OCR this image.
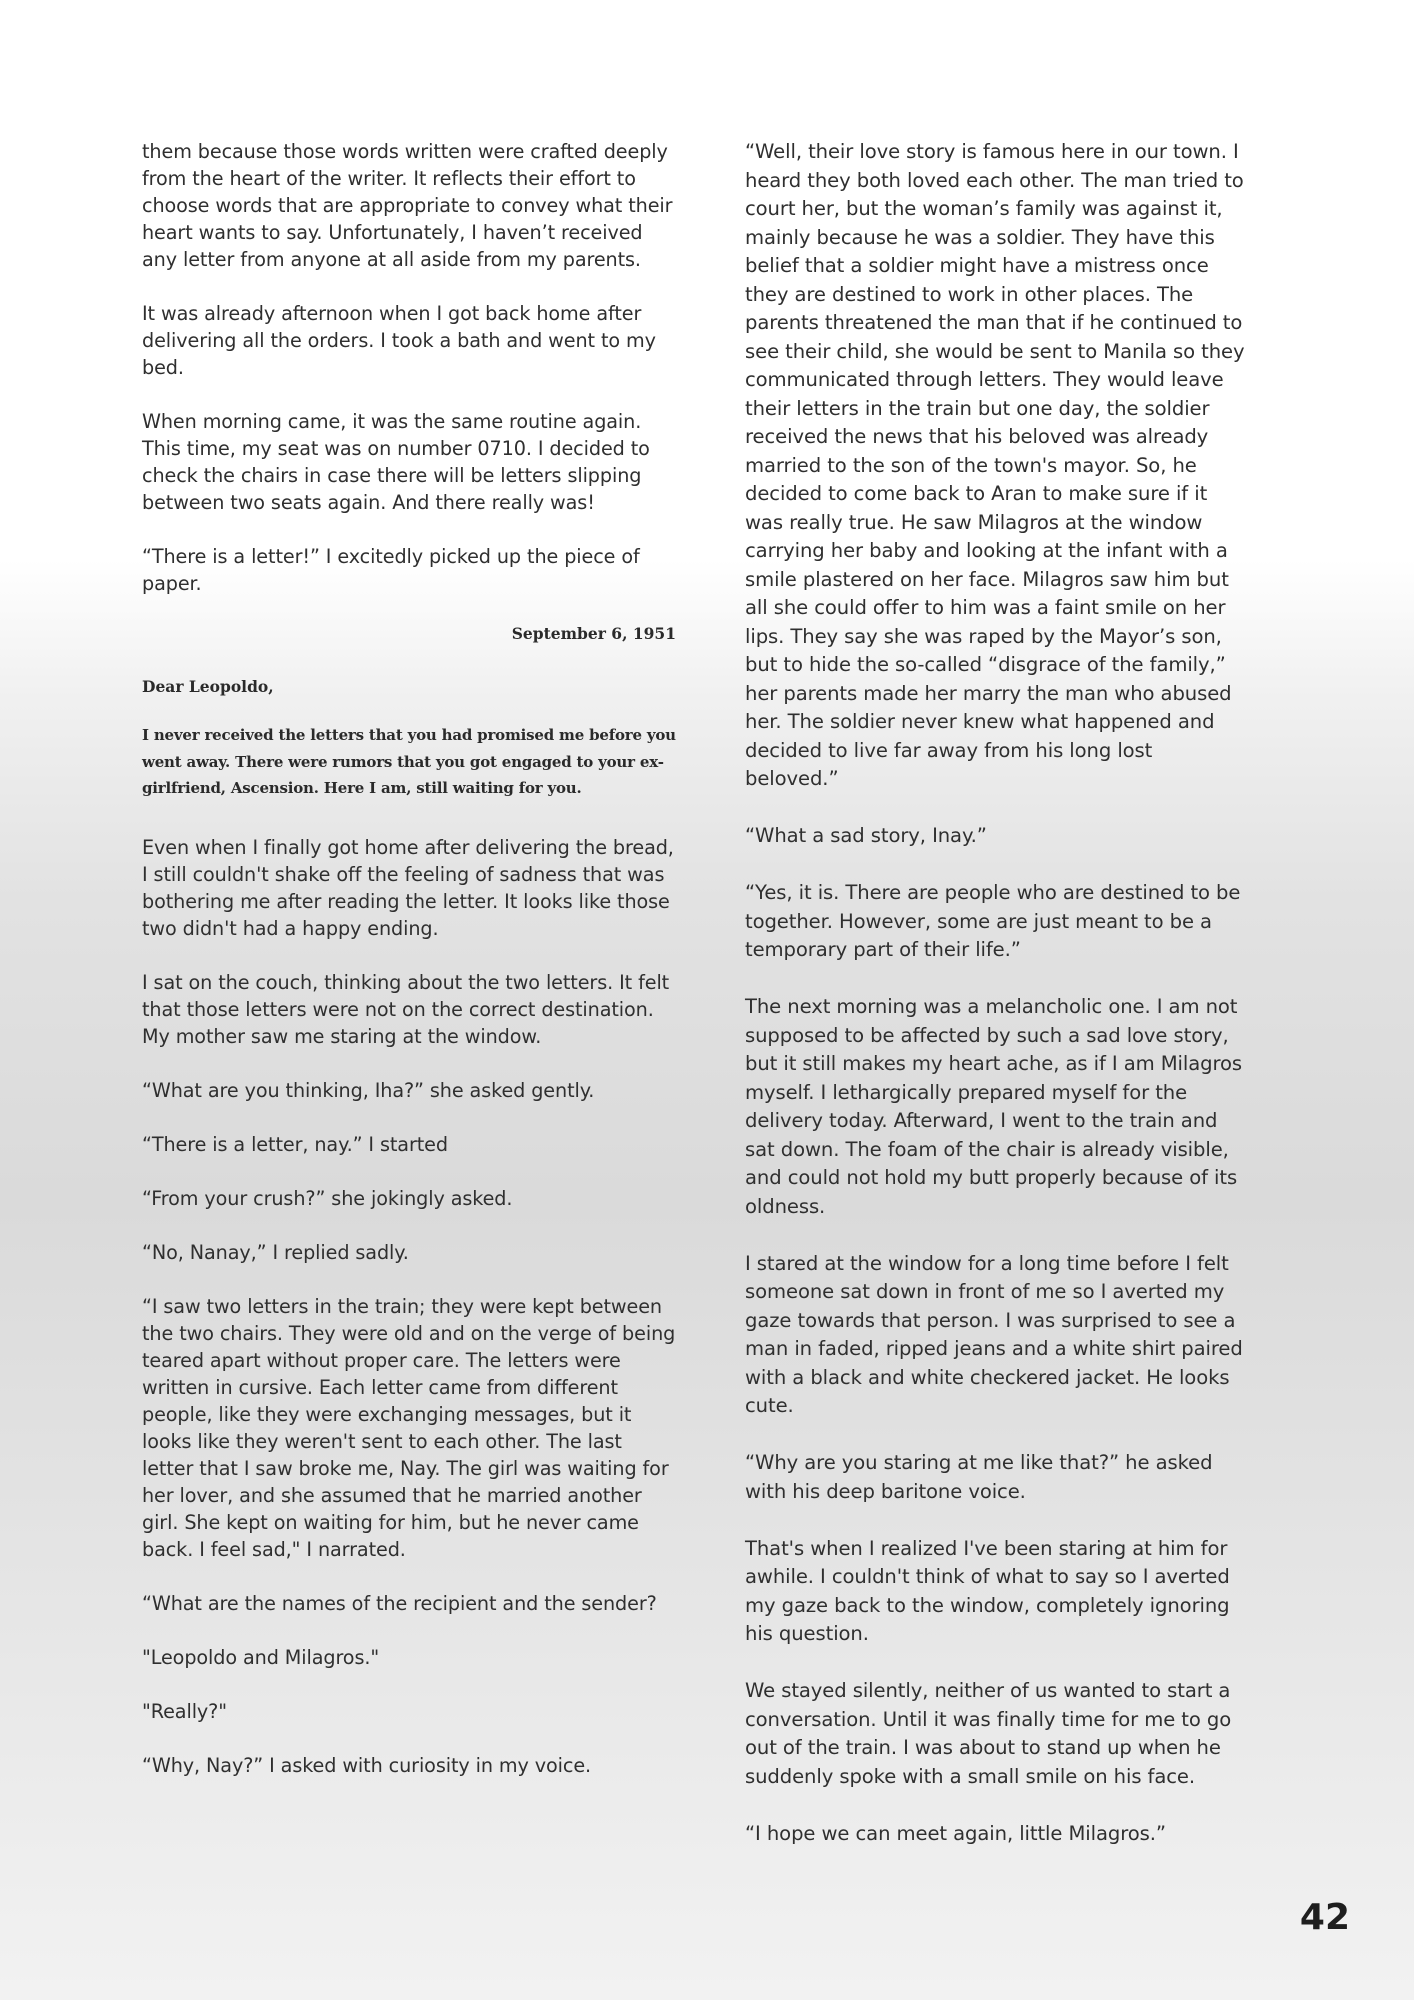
them because those words written were crafted deeply from the heart of the writer. It reflects their effort to choose words that are appropriate to convey what their heart wants to say. Unfortunately, I haven’t received any letter from anyone at all aside from my parents.

It was already afternoon when I got back home after delivering all the orders. I took a bath and went to my bed.

When morning came, it was the same routine again. This time, my seat was on number 0710. I decided to check the chairs in case there will be letters slipping between two seats again. And there really was!

“There is a letter!” I excitedly picked up the piece of paper.

September 6, 1951
Dear Leopoldo,
I never received the letters that you had promised me before you went away. There were rumors that you got engaged to your ex-girlfriend, Ascension. Here I am, still waiting for you.

Even when I finally got home after delivering the bread, I still couldn't shake off the feeling of sadness that was bothering me after reading the letter. It looks like those two didn't had a happy ending.

I sat on the couch, thinking about the two letters. It felt that those letters were not on the correct destination. My mother saw me staring at the window.

“What are you thinking, Iha?” she asked gently.

“There is a letter, nay.” I started

“From your crush?” she jokingly asked.

“No, Nanay,” I replied sadly.

“I saw two letters in the train; they were kept between the two chairs. They were old and on the verge of being teared apart without proper care. The letters were written in cursive. Each letter came from different people, like they were exchanging messages, but it looks like they weren't sent to each other. The last letter that I saw broke me, Nay. The girl was waiting for her lover, and she assumed that he married another girl. She kept on waiting for him, but he never came back. I feel sad," I narrated.

“What are the names of the recipient and the sender?

"Leopoldo and Milagros."

"Really?"

“Why, Nay?” I asked with curiosity in my voice.

“Well, their love story is famous here in our town. I heard they both loved each other. The man tried to court her, but the woman’s family was against it, mainly because he was a soldier. They have this belief that a soldier might have a mistress once they are destined to work in other places. The parents threatened the man that if he continued to see their child, she would be sent to Manila so they communicated through letters. They would leave their letters in the train but one day, the soldier received the news that his beloved was already married to the son of the town's mayor. So, he decided to come back to Aran to make sure if it was really true. He saw Milagros at the window carrying her baby and looking at the infant with a smile plastered on her face. Milagros saw him but all she could offer to him was a faint smile on her lips. They say she was raped by the Mayor’s son, but to hide the so-called “disgrace of the family,” her parents made her marry the man who abused her. The soldier never knew what happened and decided to live far away from his long lost beloved.”

“What a sad story, Inay.”

“Yes, it is. There are people who are destined to be together. However, some are just meant to be a temporary part of their life.”

The next morning was a melancholic one. I am not supposed to be affected by such a sad love story, but it still makes my heart ache, as if I am Milagros myself. I lethargically prepared myself for the delivery today. Afterward, I went to the train and sat down. The foam of the chair is already visible, and could not hold my butt properly because of its oldness.

I stared at the window for a long time before I felt someone sat down in front of me so I averted my gaze towards that person. I was surprised to see a man in faded, ripped jeans and a white shirt paired with a black and white checkered jacket. He looks cute.

“Why are you staring at me like that?” he asked with his deep baritone voice.

That's when I realized I've been staring at him for awhile. I couldn't think of what to say so I averted my gaze back to the window, completely ignoring his question.

We stayed silently, neither of us wanted to start a conversation. Until it was finally time for me to go out of the train. I was about to stand up when he suddenly spoke with a small smile on his face.

“I hope we can meet again, little Milagros.”

42
